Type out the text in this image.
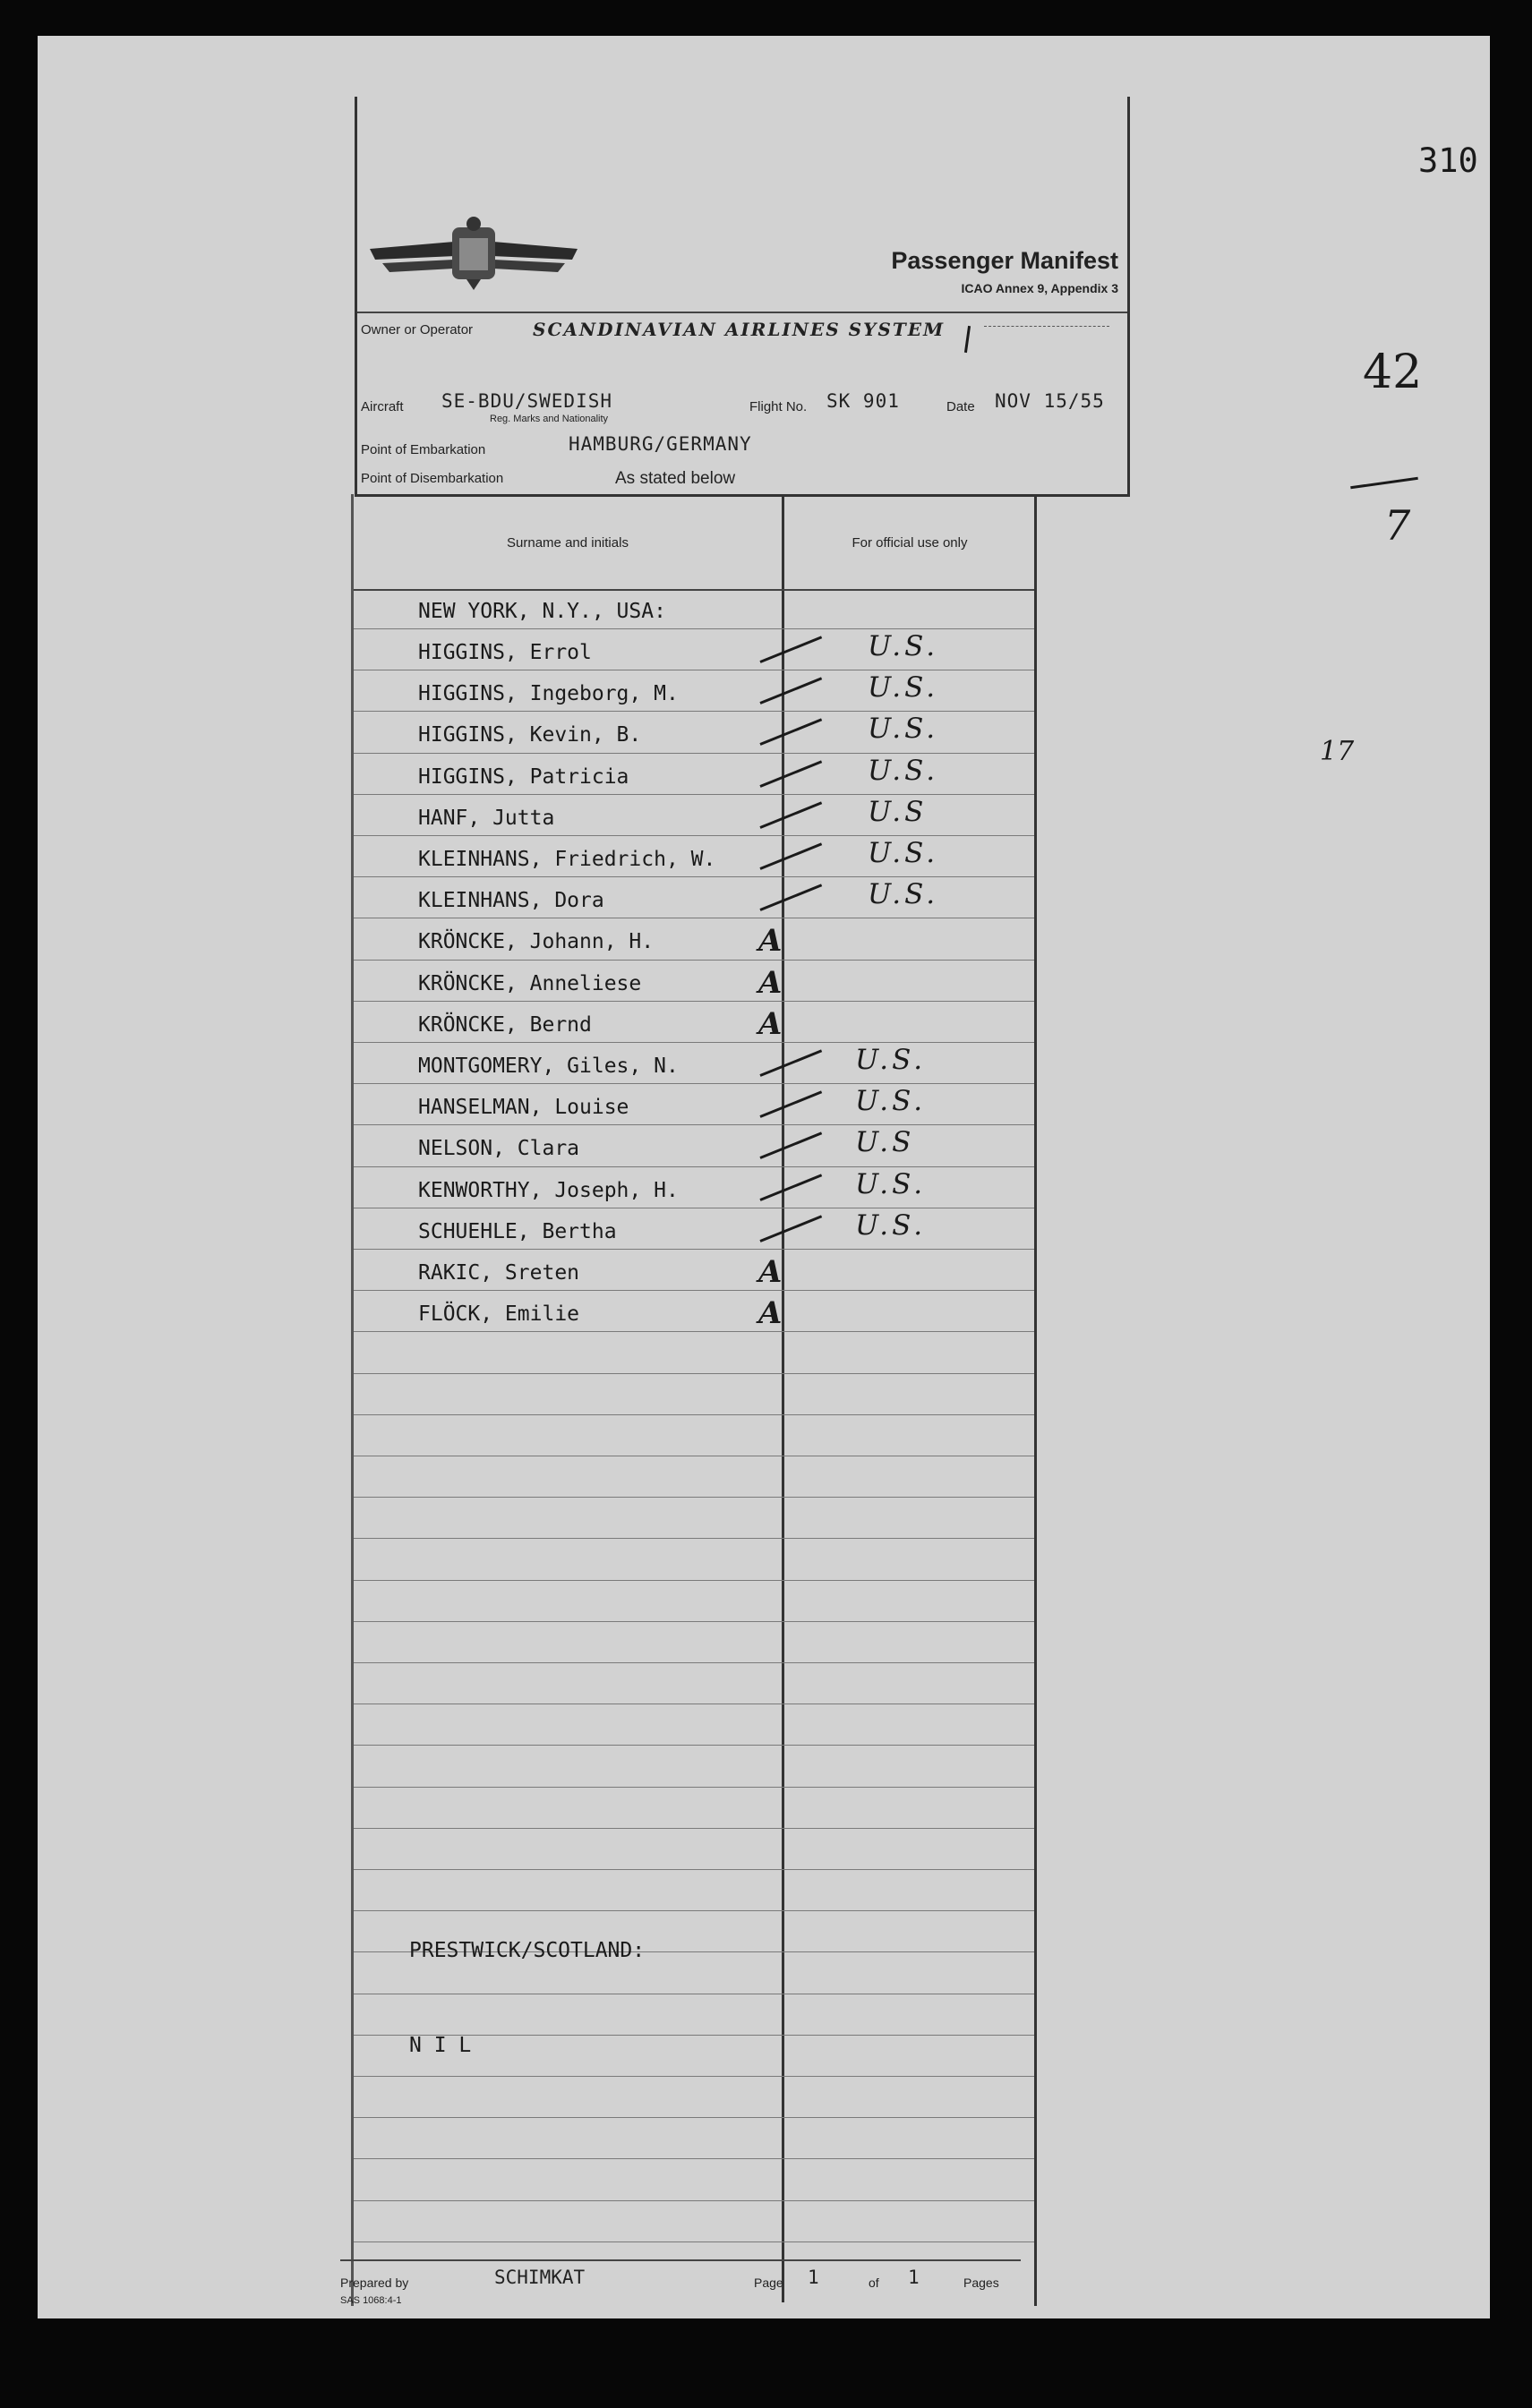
310
42
7
17
Passenger Manifest
ICAO Annex 9, Appendix 3
Owner or Operator	SCANDINAVIAN AIRLINES SYSTEM
Aircraft SE-BDU/SWEDISH
Reg. Marks and Nationality
Flight No. SK 901	Date NOV 15/55
Point of Embarkation	HAMBURG/GERMANY
Point of Disembarkation	As stated below
Surname and initials	For official use only
NEW YORK, N.Y., USA:
HIGGINS, Errol	U.S.
HIGGINS, Ingeborg, M.	U.S.
HIGGINS, Kevin, B.	U.S.
HIGGINS, Patricia	U.S.
HANF, Jutta	U.S
KLEINHANS, Friedrich, W.	U.S.
KLEINHANS, Dora	U.S.
KRÖNCKE, Johann, H.	A
KRÖNCKE, Anneliese	A
KRÖNCKE, Bernd	A
MONTGOMERY, Giles, N.	U.S.
HANSELMAN, Louise	U.S.
NELSON, Clara	U.S
KENWORTHY, Joseph, H.	U.S.
SCHUEHLE, Bertha	U.S.
RAKIC, Sreten	A
FLÖCK, Emilie	A
PRESTWICK/SCOTLAND:
N I L
Prepared by	SCHIMKAT	Page 1	of 1	Pages
SAS 1068:4-1
